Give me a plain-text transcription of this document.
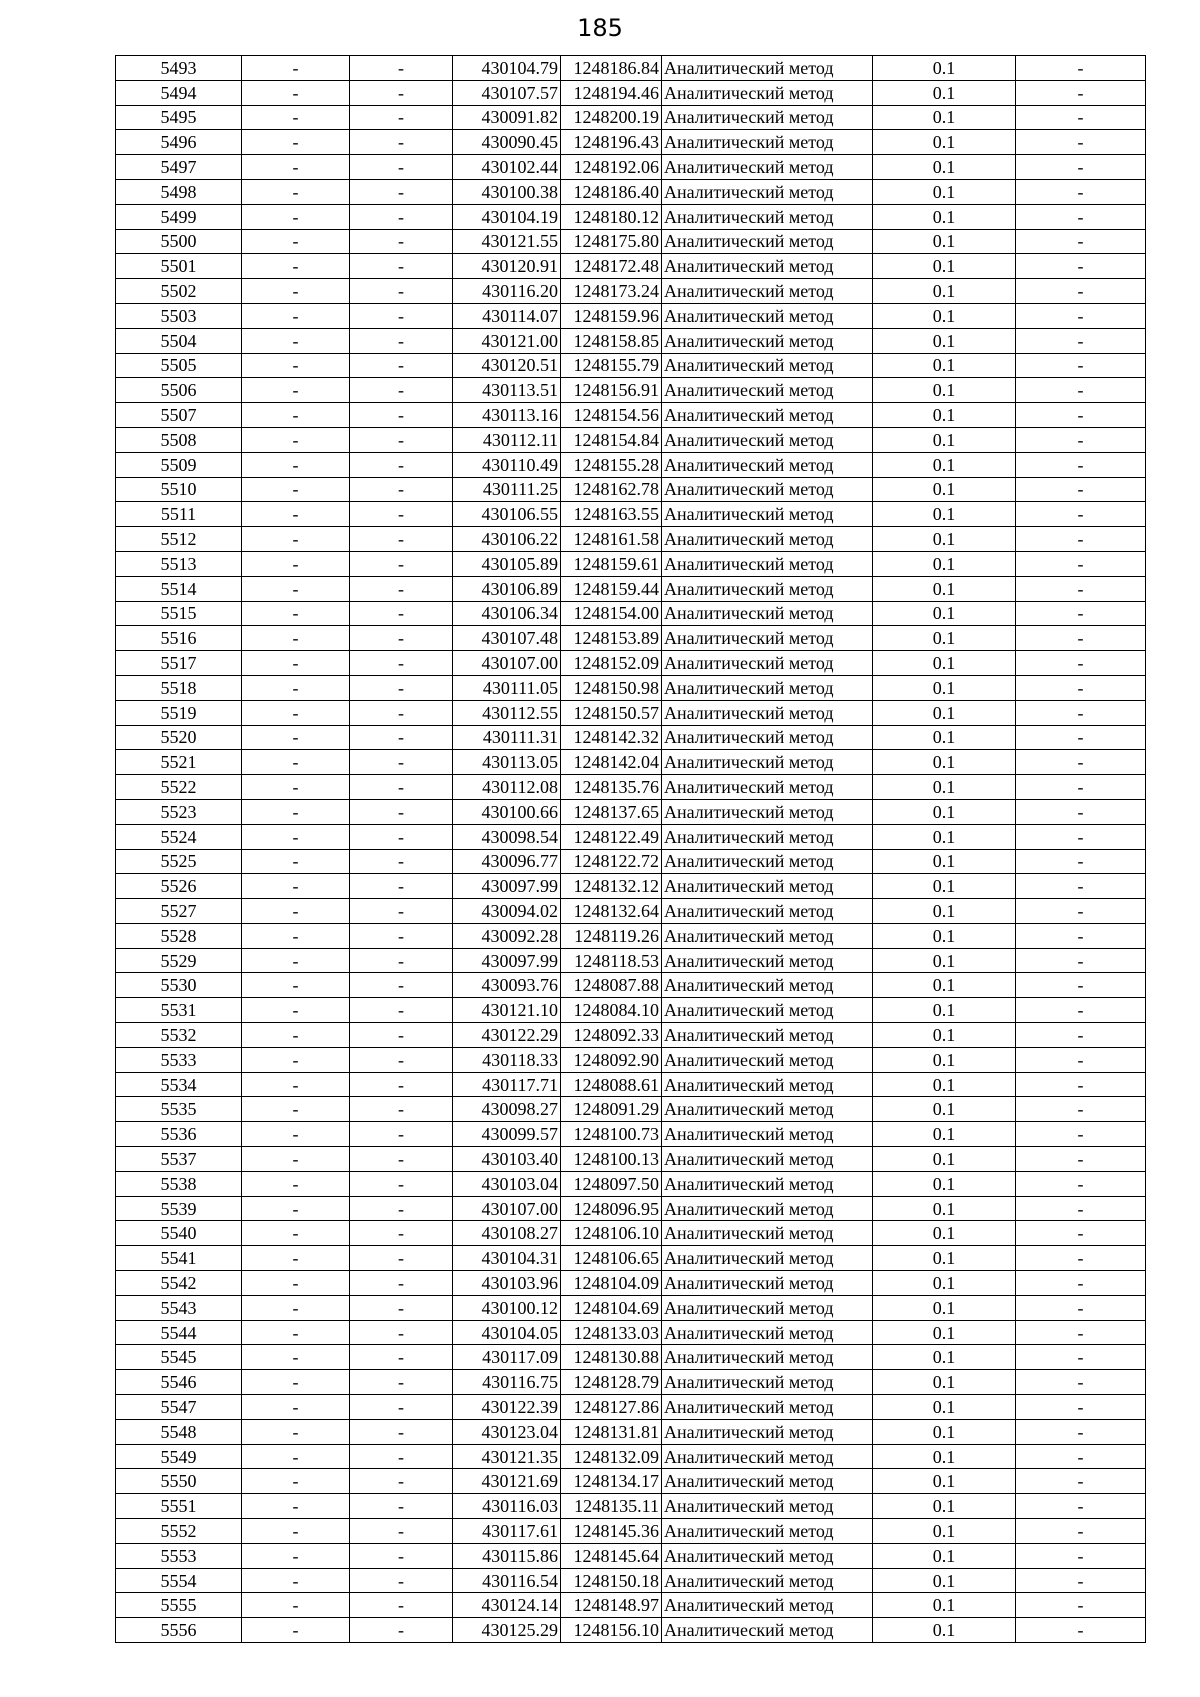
185
5493	-	-	430104.79	1248186.84	Аналитический метод	0.1	-
5494	-	-	430107.57	1248194.46	Аналитический метод	0.1	-
5495	-	-	430091.82	1248200.19	Аналитический метод	0.1	-
5496	-	-	430090.45	1248196.43	Аналитический метод	0.1	-
5497	-	-	430102.44	1248192.06	Аналитический метод	0.1	-
5498	-	-	430100.38	1248186.40	Аналитический метод	0.1	-
5499	-	-	430104.19	1248180.12	Аналитический метод	0.1	-
5500	-	-	430121.55	1248175.80	Аналитический метод	0.1	-
5501	-	-	430120.91	1248172.48	Аналитический метод	0.1	-
5502	-	-	430116.20	1248173.24	Аналитический метод	0.1	-
5503	-	-	430114.07	1248159.96	Аналитический метод	0.1	-
5504	-	-	430121.00	1248158.85	Аналитический метод	0.1	-
5505	-	-	430120.51	1248155.79	Аналитический метод	0.1	-
5506	-	-	430113.51	1248156.91	Аналитический метод	0.1	-
5507	-	-	430113.16	1248154.56	Аналитический метод	0.1	-
5508	-	-	430112.11	1248154.84	Аналитический метод	0.1	-
5509	-	-	430110.49	1248155.28	Аналитический метод	0.1	-
5510	-	-	430111.25	1248162.78	Аналитический метод	0.1	-
5511	-	-	430106.55	1248163.55	Аналитический метод	0.1	-
5512	-	-	430106.22	1248161.58	Аналитический метод	0.1	-
5513	-	-	430105.89	1248159.61	Аналитический метод	0.1	-
5514	-	-	430106.89	1248159.44	Аналитический метод	0.1	-
5515	-	-	430106.34	1248154.00	Аналитический метод	0.1	-
5516	-	-	430107.48	1248153.89	Аналитический метод	0.1	-
5517	-	-	430107.00	1248152.09	Аналитический метод	0.1	-
5518	-	-	430111.05	1248150.98	Аналитический метод	0.1	-
5519	-	-	430112.55	1248150.57	Аналитический метод	0.1	-
5520	-	-	430111.31	1248142.32	Аналитический метод	0.1	-
5521	-	-	430113.05	1248142.04	Аналитический метод	0.1	-
5522	-	-	430112.08	1248135.76	Аналитический метод	0.1	-
5523	-	-	430100.66	1248137.65	Аналитический метод	0.1	-
5524	-	-	430098.54	1248122.49	Аналитический метод	0.1	-
5525	-	-	430096.77	1248122.72	Аналитический метод	0.1	-
5526	-	-	430097.99	1248132.12	Аналитический метод	0.1	-
5527	-	-	430094.02	1248132.64	Аналитический метод	0.1	-
5528	-	-	430092.28	1248119.26	Аналитический метод	0.1	-
5529	-	-	430097.99	1248118.53	Аналитический метод	0.1	-
5530	-	-	430093.76	1248087.88	Аналитический метод	0.1	-
5531	-	-	430121.10	1248084.10	Аналитический метод	0.1	-
5532	-	-	430122.29	1248092.33	Аналитический метод	0.1	-
5533	-	-	430118.33	1248092.90	Аналитический метод	0.1	-
5534	-	-	430117.71	1248088.61	Аналитический метод	0.1	-
5535	-	-	430098.27	1248091.29	Аналитический метод	0.1	-
5536	-	-	430099.57	1248100.73	Аналитический метод	0.1	-
5537	-	-	430103.40	1248100.13	Аналитический метод	0.1	-
5538	-	-	430103.04	1248097.50	Аналитический метод	0.1	-
5539	-	-	430107.00	1248096.95	Аналитический метод	0.1	-
5540	-	-	430108.27	1248106.10	Аналитический метод	0.1	-
5541	-	-	430104.31	1248106.65	Аналитический метод	0.1	-
5542	-	-	430103.96	1248104.09	Аналитический метод	0.1	-
5543	-	-	430100.12	1248104.69	Аналитический метод	0.1	-
5544	-	-	430104.05	1248133.03	Аналитический метод	0.1	-
5545	-	-	430117.09	1248130.88	Аналитический метод	0.1	-
5546	-	-	430116.75	1248128.79	Аналитический метод	0.1	-
5547	-	-	430122.39	1248127.86	Аналитический метод	0.1	-
5548	-	-	430123.04	1248131.81	Аналитический метод	0.1	-
5549	-	-	430121.35	1248132.09	Аналитический метод	0.1	-
5550	-	-	430121.69	1248134.17	Аналитический метод	0.1	-
5551	-	-	430116.03	1248135.11	Аналитический метод	0.1	-
5552	-	-	430117.61	1248145.36	Аналитический метод	0.1	-
5553	-	-	430115.86	1248145.64	Аналитический метод	0.1	-
5554	-	-	430116.54	1248150.18	Аналитический метод	0.1	-
5555	-	-	430124.14	1248148.97	Аналитический метод	0.1	-
5556	-	-	430125.29	1248156.10	Аналитический метод	0.1	-
